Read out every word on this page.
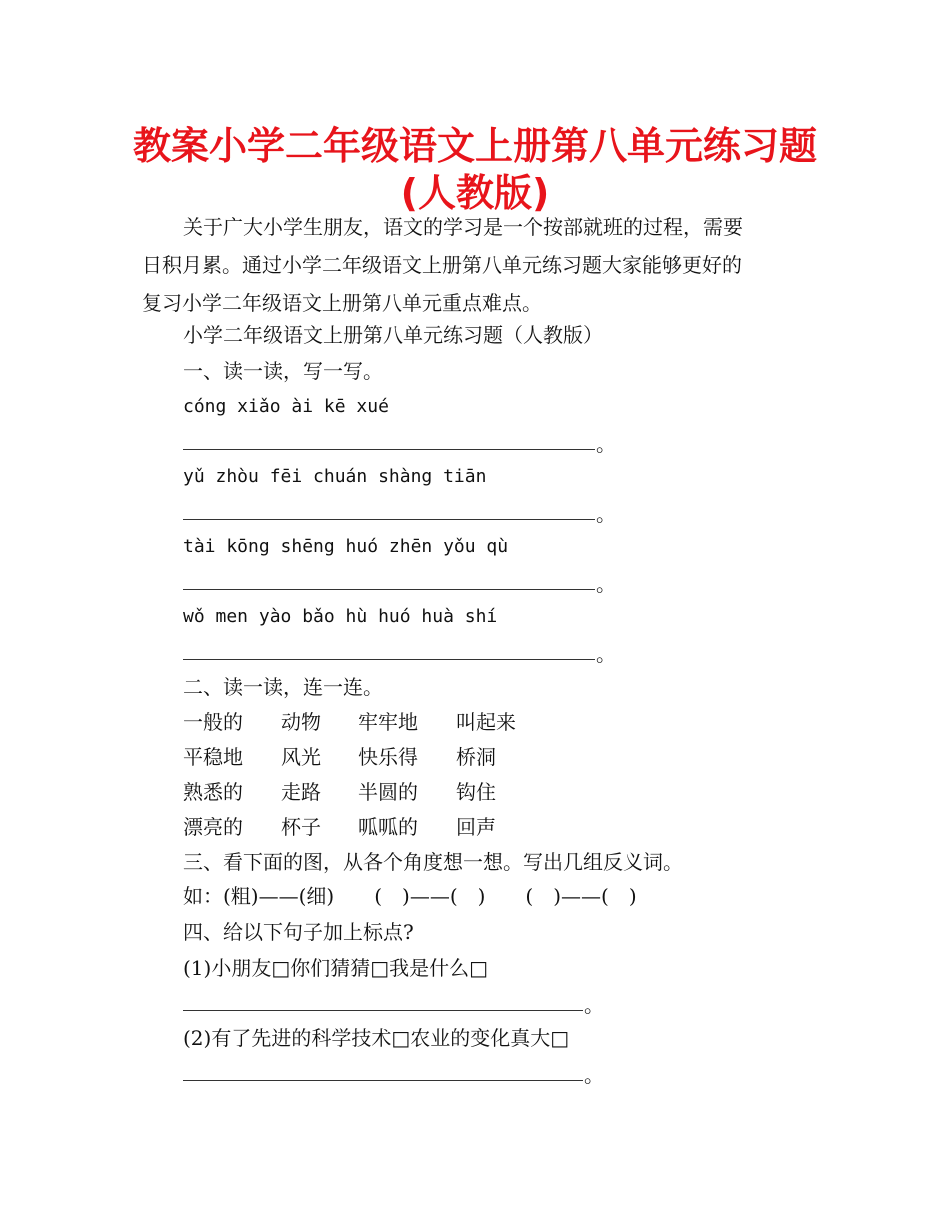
教案小学二年级语文上册第八单元练习题
(人教版)
关于广大小学生朋友，语文的学习是一个按部就班的过程，需要
日积月累。通过小学二年级语文上册第八单元练习题大家能够更好的
复习小学二年级语文上册第八单元重点难点。
小学二年级语文上册第八单元练习题（人教版）
一、读一读，写一写。
cóng xiǎo ài kē xué
。
yǔ zhòu fēi chuán shàng tiān
。
tài kōng shēng huó zhēn yǒu qù
。
wǒ men yào bǎo hù huó huà shí
。
二、读一读，连一连。
一般的 动物 牢牢地 叫起来
平稳地 风光 快乐得 桥洞
熟悉的 走路 半圆的 钩住
漂亮的 杯子 呱呱的 回声
三、看下面的图，从各个角度想一想。写出几组反义词。
如：(粗)——(细)　　(　)——(　)　　(　)——(　)
四、给以下句子加上标点?
(1)小朋友□你们猜猜□我是什么□
。
(2)有了先进的科学技术□农业的变化真大□
。
